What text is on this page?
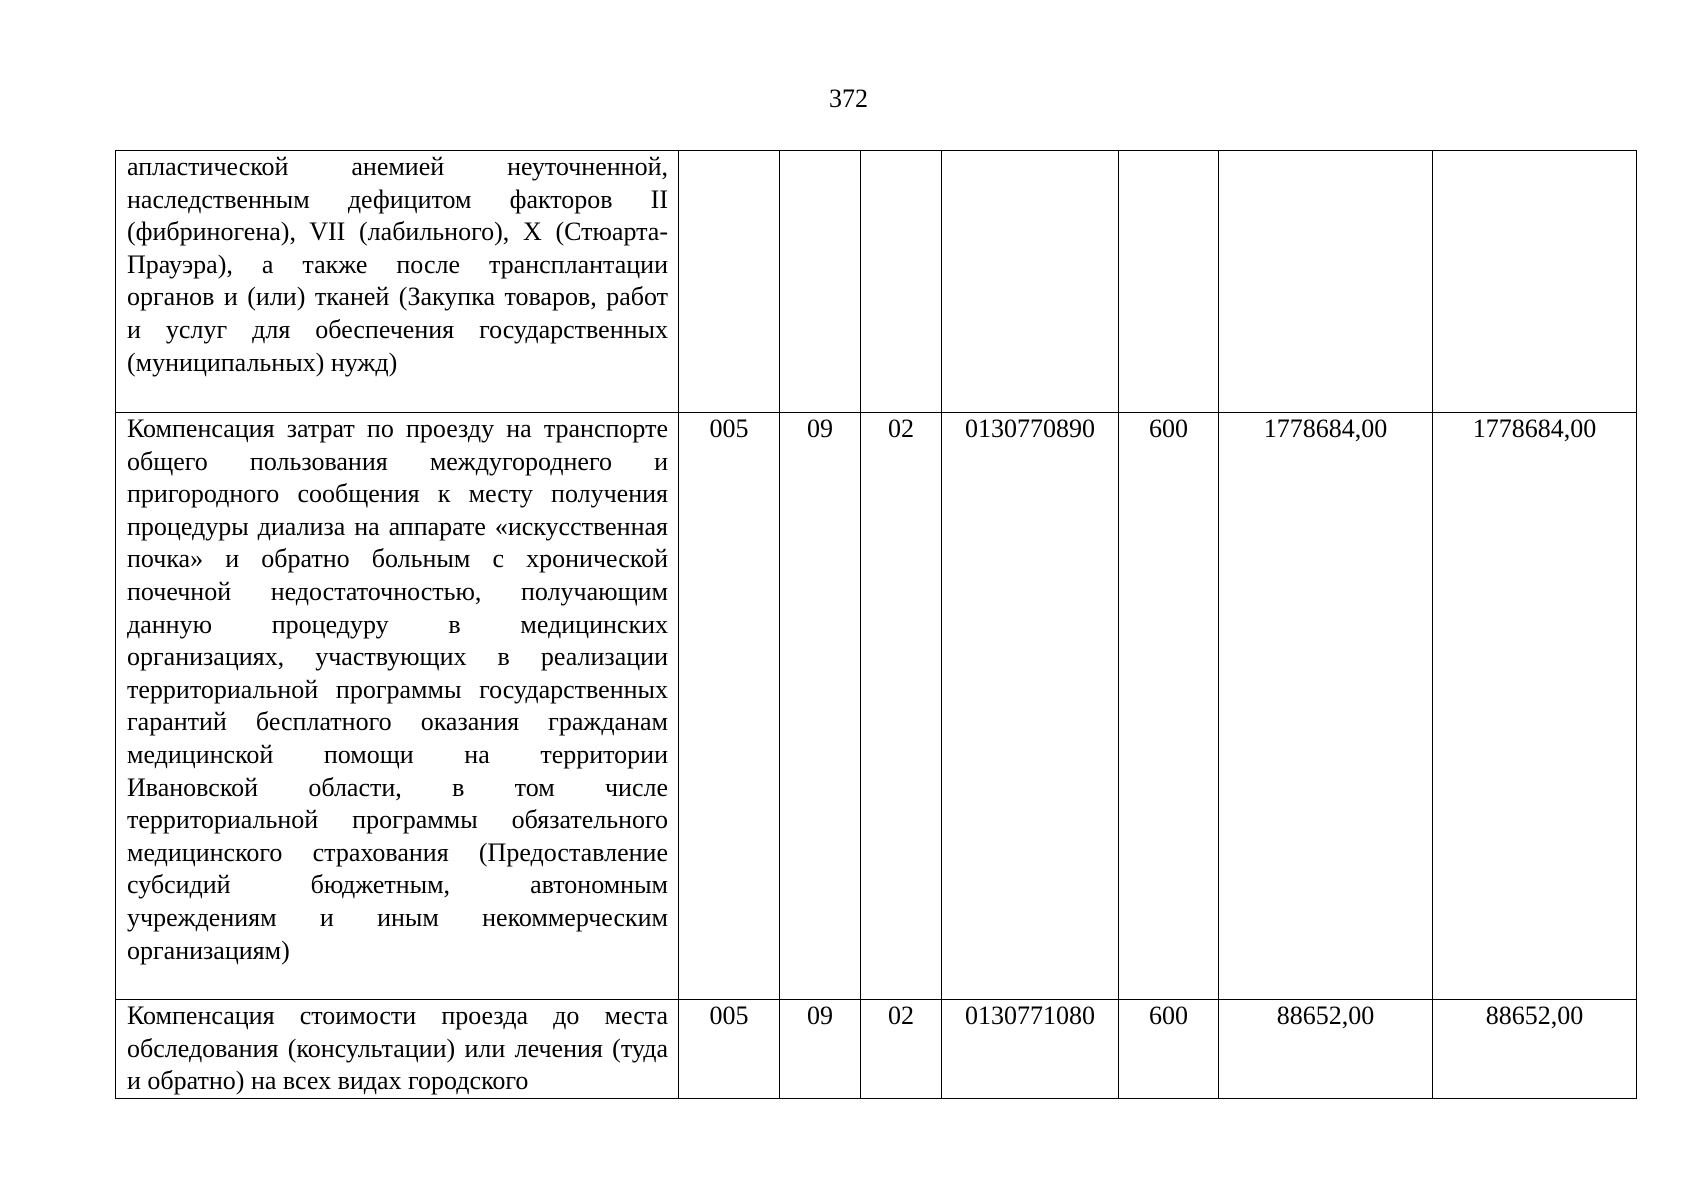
372
апластической анемией неуточненной, наследственным дефицитом факторов II (фибриногена), VII (лабильного), X (Стюарта-Прауэра), а также после трансплантации органов и (или) тканей (Закупка товаров, работ и услуг для обеспечения государственных (муниципальных) нужд)							

Компенсация затрат по проезду на транспорте общего пользования междугороднего и пригородного сообщения к месту получения процедуры диализа на аппарате «искусственная почка» и обратно больным с хронической почечной недостаточностью, получающим данную процедуру в медицинских организациях, участвующих в реализации территориальной программы государственных гарантий бесплатного оказания гражданам медицинской помощи на территории Ивановской области, в том числе территориальной программы обязательного медицинского страхования (Предоставление субсидий бюджетным, автономным учреждениям и иным некоммерческим организациям)	005	09	02	0130770890	600	1778684,00	1778684,00

Компенсация стоимости проезда до места обследования (консультации) или лечения (туда и обратно) на всех видах городского	005	09	02	0130771080	600	88652,00	88652,00
